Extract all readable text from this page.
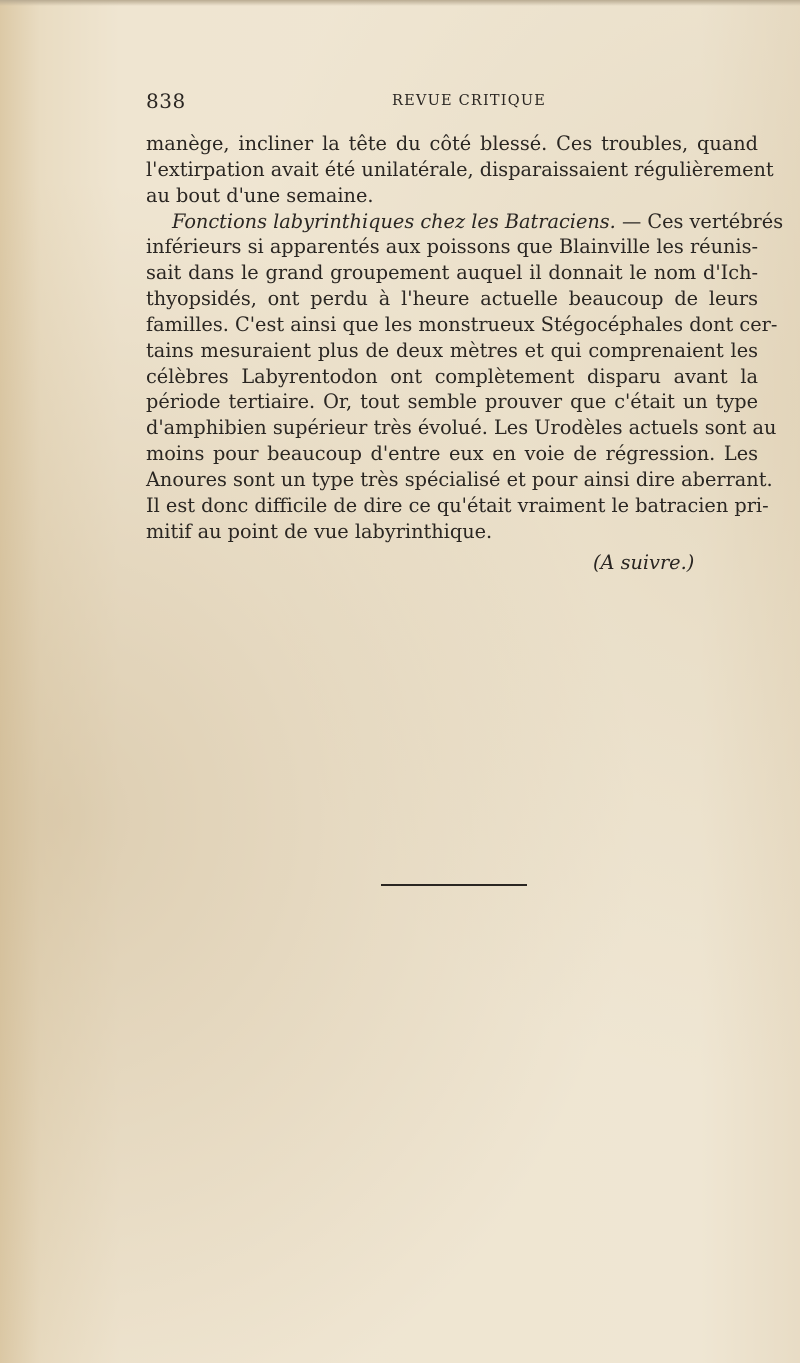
838	REVUE CRITIQUE
manège, incliner la tête du côté blessé. Ces troubles, quand
l'extirpation avait été unilatérale, disparaissaient régulièrement
au bout d'une semaine.
Fonctions labyrinthiques chez les Batraciens. — Ces vertébrés
inférieurs si apparentés aux poissons que Blainville les réunis-
sait dans le grand groupement auquel il donnait le nom d'Ich-
thyopsidés, ont perdu à l'heure actuelle beaucoup de leurs
familles. C'est ainsi que les monstrueux Stégocéphales dont cer-
tains mesuraient plus de deux mètres et qui comprenaient les
célèbres Labyrentodon ont complètement disparu avant la
période tertiaire. Or, tout semble prouver que c'était un type
d'amphibien supérieur très évolué. Les Urodèles actuels sont au
moins pour beaucoup d'entre eux en voie de régression. Les
Anoures sont un type très spécialisé et pour ainsi dire aberrant.
Il est donc difficile de dire ce qu'était vraiment le batracien pri-
mitif au point de vue labyrinthique.
(A suivre.)
